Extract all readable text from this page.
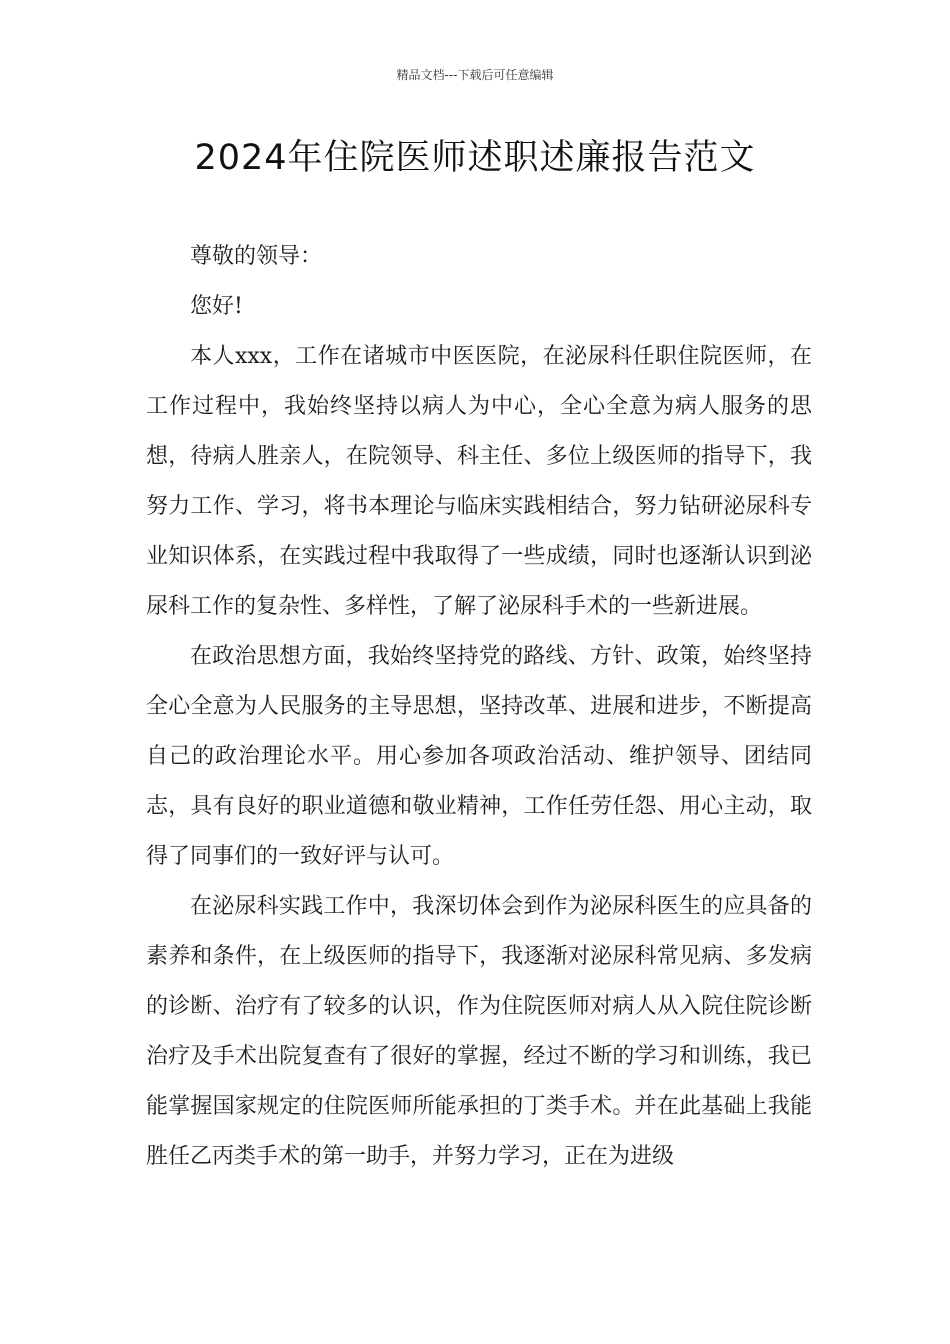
精品文档---下载后可任意编辑
2024年住院医师述职述廉报告范文

尊敬的领导：

您好!

本人xxx，工作在诸城市中医医院，在泌尿科任职住院医师，在工作过程中，我始终坚持以病人为中心，全心全意为病人服务的思想，待病人胜亲人，在院领导、科主任、多位上级医师的指导下，我努力工作、学习，将书本理论与临床实践相结合，努力钻研泌尿科专业知识体系，在实践过程中我取得了一些成绩，同时也逐渐认识到泌尿科工作的复杂性、多样性，了解了泌尿科手术的一些新进展。

在政治思想方面，我始终坚持党的路线、方针、政策，始终坚持全心全意为人民服务的主导思想，坚持改革、进展和进步，不断提高自己的政治理论水平。用心参加各项政治活动、维护领导、团结同志，具有良好的职业道德和敬业精神，工作任劳任怨、用心主动，取得了同事们的一致好评与认可。

在泌尿科实践工作中，我深切体会到作为泌尿科医生的应具备的素养和条件，在上级医师的指导下，我逐渐对泌尿科常见病、多发病的诊断、治疗有了较多的认识，作为住院医师对病人从入院住院诊断治疗及手术出院复查有了很好的掌握，经过不断的学习和训练，我已能掌握国家规定的住院医师所能承担的丁类手术。并在此基础上我能胜任乙丙类手术的第一助手，并努力学习，正在为进级
